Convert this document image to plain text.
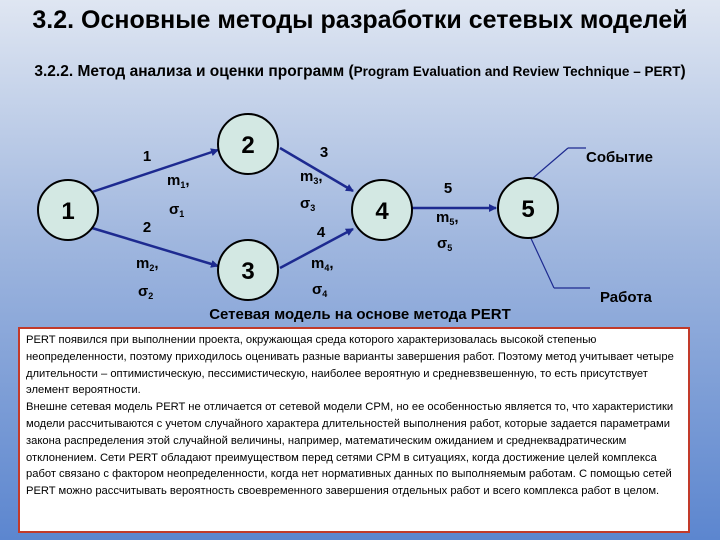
3.2. Основные методы разработки сетевых моделей
3.2.2. Метод анализа и оценки программ (Program Evaluation and Review Technique – PERT)
1
2
3
4	5
1
2
3
4
5
$m_1$,
$\sigma_1$
$m_2$,
$\sigma_2$
$m_3$,
$\sigma_3$
$m_4$,
$\sigma_4$
$m_5$,
$\sigma_5$
Событие
Работа
Сетевая модель на основе метода PERT

PERT появился при выполнении проекта, окружающая среда которого характеризовалась высокой степенью неопределенности, поэтому приходилось оценивать разные варианты завершения работ. Поэтому метод учитывает четыре длительности – оптимистическую, пессимистическую, наиболее вероятную и средневзвешенную, то есть присутствует элемент вероятности.

Внешне сетевая модель PERT не отличается от сетевой модели CPM, но ее особенностью является то, что характеристики модели рассчитываются с учетом случайного характера длительностей выполнения работ, которые задается параметрами закона распределения этой случайной величины, например, математическим ожиданием и среднеквадратическим отклонением. Сети PERT обладают преимуществом перед сетями CPM в ситуациях, когда достижение целей комплекса работ связано с фактором неопределенности, когда нет нормативных данных по выполняемым работам. С помощью сетей PERT можно рассчитывать вероятность своевременного завершения отдельных работ и всего комплекса работ в целом.
